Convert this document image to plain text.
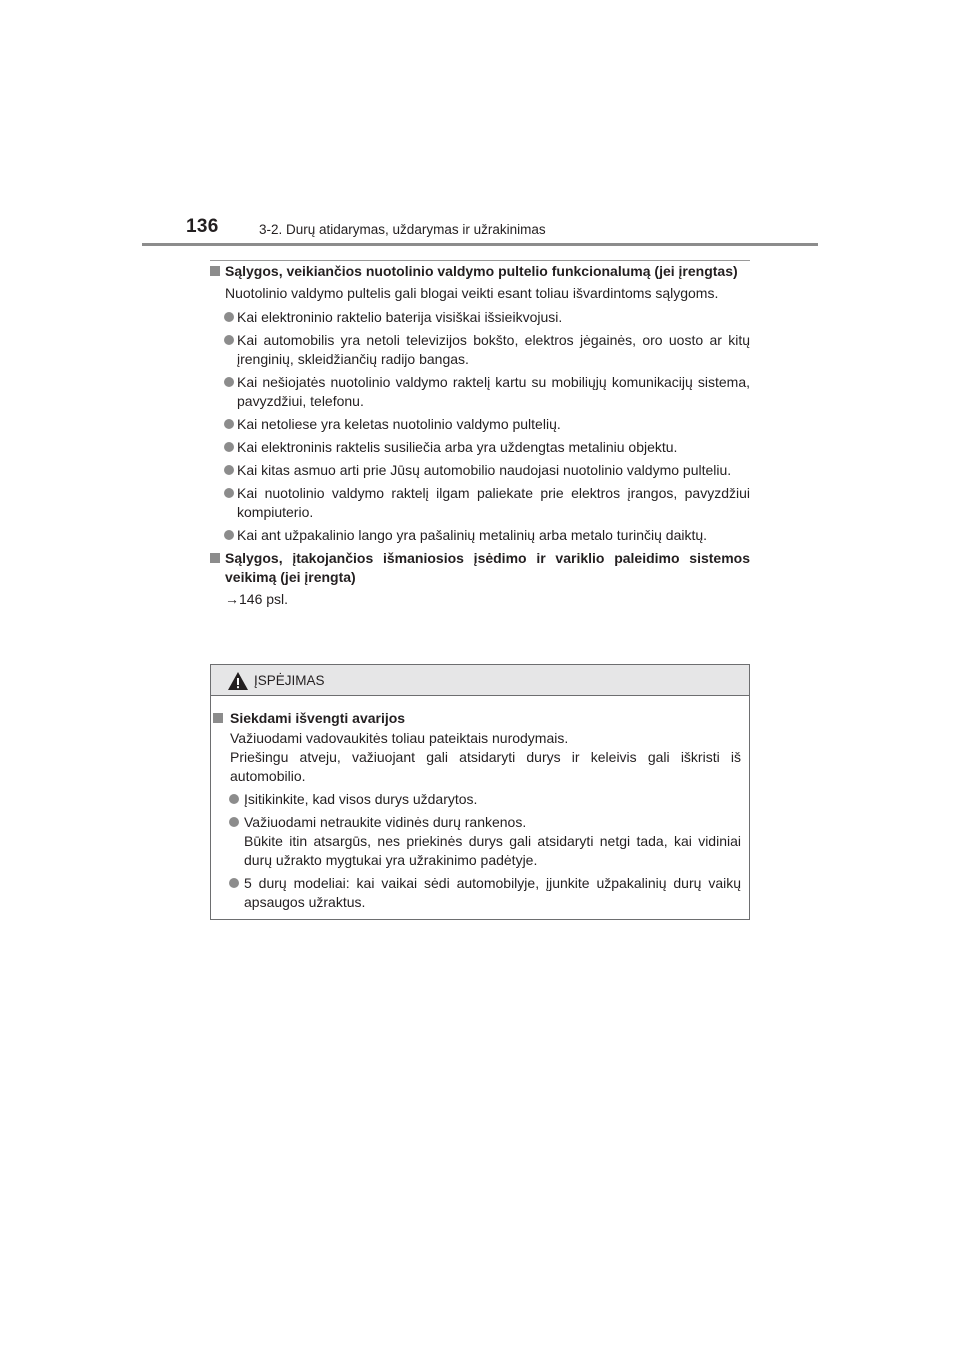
136	3-2. Durų atidarymas, uždarymas ir užrakinimas
Sąlygos, veikiančios nuotolinio valdymo pultelio funkcionalumą (jei įrengtas)
Nuotolinio valdymo pultelis gali blogai veikti esant toliau išvardintoms sąlygoms.
Kai elektroninio raktelio baterija visiškai išsieikvojusi.
Kai automobilis yra netoli televizijos bokšto, elektros jėgainės, oro uosto ar kitų įrenginių, skleidžiančių radijo bangas.
Kai nešiojatės nuotolinio valdymo raktelį kartu su mobiliųjų komunikacijų sistema, pavyzdžiui, telefonu.
Kai netoliese yra keletas nuotolinio valdymo pultelių.
Kai elektroninis raktelis susiliečia arba yra uždengtas metaliniu objektu.
Kai kitas asmuo arti prie Jūsų automobilio naudojasi nuotolinio valdymo pulteliu.
Kai nuotolinio valdymo raktelį ilgam paliekate prie elektros įrangos, pavyzdžiui kompiuterio.
Kai ant užpakalinio lango yra pašalinių metalinių arba metalo turinčių daiktų.
Sąlygos, įtakojančios išmaniosios įsėdimo ir variklio paleidimo sistemos veikimą (jei įrengta)
→146 psl.
ĮSPĖJIMAS
Siekdami išvengti avarijos
Važiuodami vadovaukitės toliau pateiktais nurodymais.
Priešingu atveju, važiuojant gali atsidaryti durys ir keleivis gali iškristi iš automobilio.
Įsitikinkite, kad visos durys uždarytos.
Važiuodami netraukite vidinės durų rankenos.
Būkite itin atsargūs, nes priekinės durys gali atsidaryti netgi tada, kai vidiniai durų užrakto mygtukai yra užrakinimo padėtyje.
5 durų modeliai: kai vaikai sėdi automobilyje, įjunkite užpakalinių durų vaikų apsaugos užraktus.
